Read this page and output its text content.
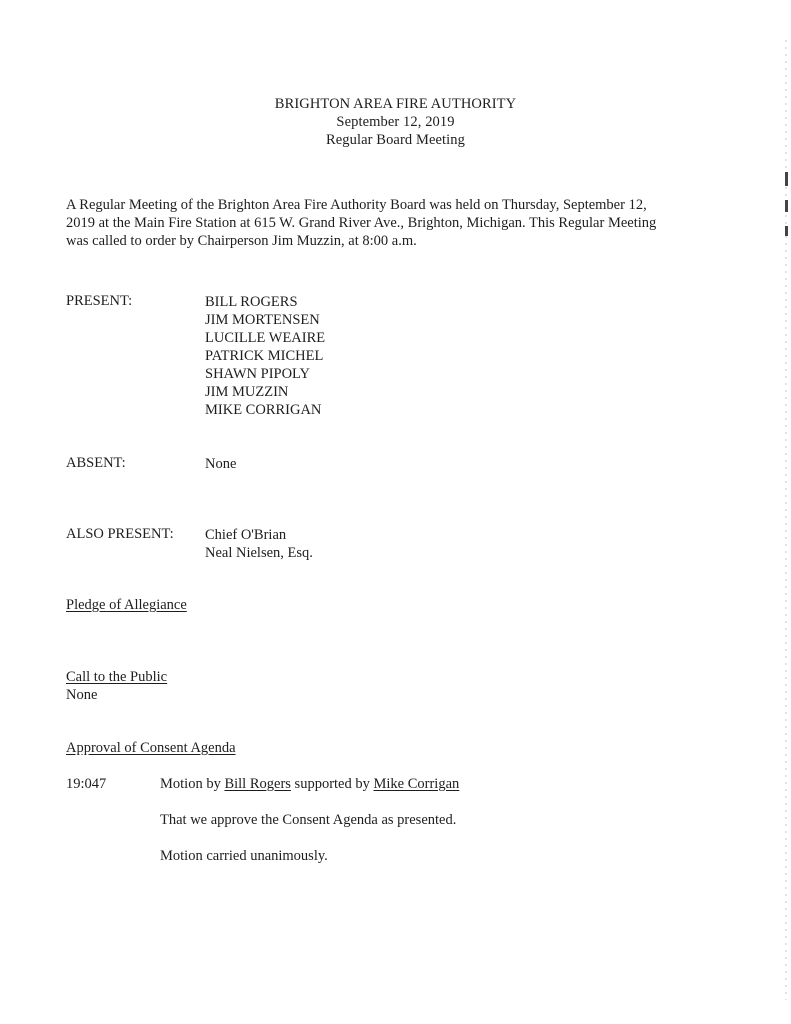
BRIGHTON AREA FIRE AUTHORITY
September 12, 2019
Regular Board Meeting
A Regular Meeting of the Brighton Area Fire Authority Board was held on Thursday, September 12,
2019 at the Main Fire Station at 615 W. Grand River Ave., Brighton, Michigan. This Regular Meeting
was called to order by Chairperson Jim Muzzin, at 8:00 a.m.
PRESENT:	BILL ROGERS
JIM MORTENSEN
LUCILLE WEAIRE
PATRICK MICHEL
SHAWN PIPOLY
JIM MUZZIN
MIKE CORRIGAN
ABSENT:	None
ALSO PRESENT: Chief O'Brian
Neal Nielsen, Esq.
Pledge of Allegiance
Call to the Public
None
Approval of Consent Agenda
19:047	Motion by Bill Rogers supported by Mike Corrigan
That we approve the Consent Agenda as presented.
Motion carried unanimously.
